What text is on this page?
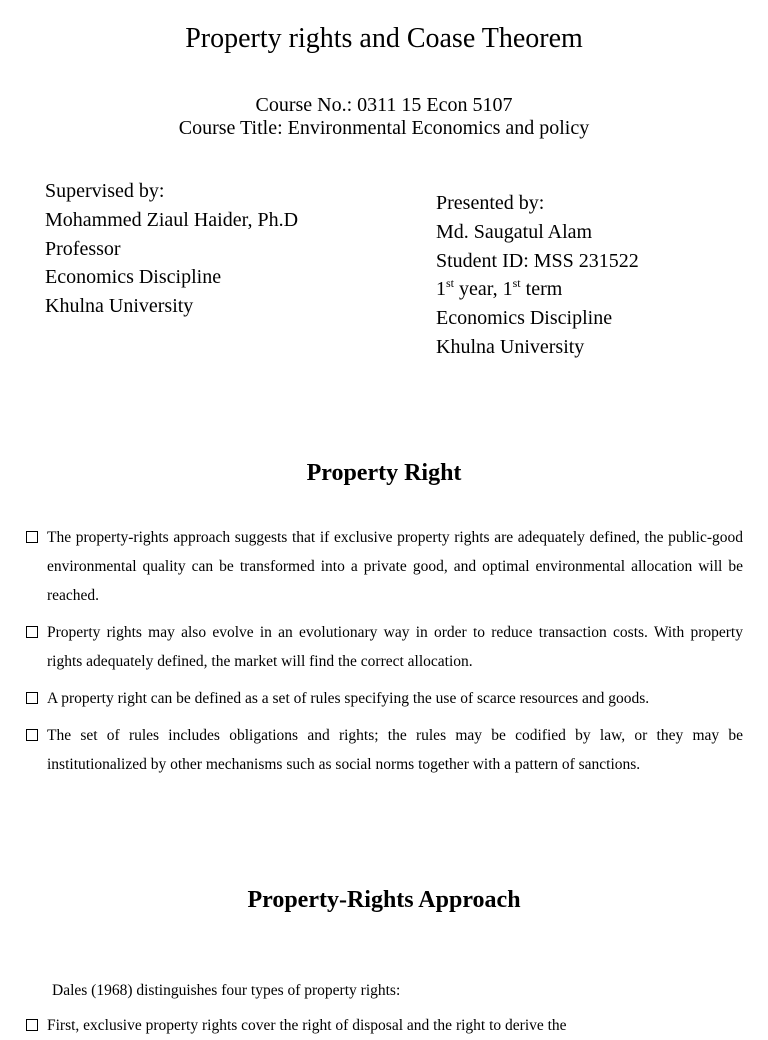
Property rights and Coase Theorem
Course No.: 0311 15 Econ 5107
Course Title: Environmental Economics and policy
Supervised by:
Mohammed Ziaul Haider, Ph.D
Professor
Economics Discipline
Khulna University
Presented by:
Md. Saugatul Alam
Student ID: MSS 231522
1st year, 1st term
Economics Discipline
Khulna University
Property Right
The property-rights approach suggests that if exclusive property rights are adequately defined, the public-good environmental quality can be transformed into a private good, and optimal environmental allocation will be reached.
Property rights may also evolve in an evolutionary way in order to reduce transaction costs. With property rights adequately defined, the market will find the correct allocation.
A property right can be defined as a set of rules specifying the use of scarce resources and goods.
The set of rules includes obligations and rights; the rules may be codified by law, or they may be institutionalized by other mechanisms such as social norms together with a pattern of sanctions.
Property-Rights Approach
Dales (1968) distinguishes four types of property rights:
First, exclusive property rights cover the right of disposal and the right to derive the
